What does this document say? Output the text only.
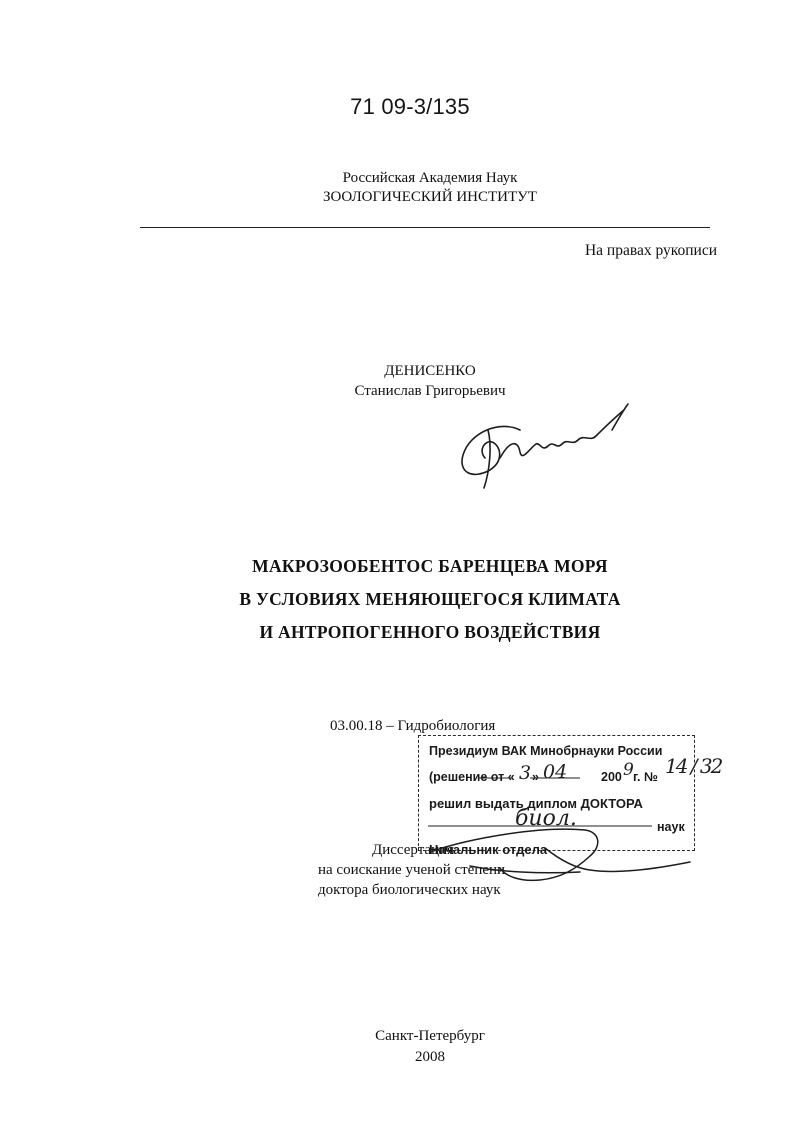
71 09-3/135
Российская Академия Наук
ЗООЛОГИЧЕСКИЙ ИНСТИТУТ
На правах рукописи
ДЕНИСЕНКО
Станислав Григорьевич
МАКРОЗООБЕНТОС БАРЕНЦЕВА МОРЯ
В УСЛОВИЯХ МЕНЯЮЩЕГОСЯ КЛИМАТА
И АНТРОПОГЕННОГО ВОЗДЕЙСТВИЯ
03.00.18 – Гидробиология
Диссертация
на соискание ученой степени
доктора биологических наук
Президиум ВАК Минобрнауки России
(решение от « 3 » 04	200 9 г. № 14 / 32
решил выдать диплом ДОКТОРА
биол.	наук
Начальник отдела
Санкт-Петербург
2008
